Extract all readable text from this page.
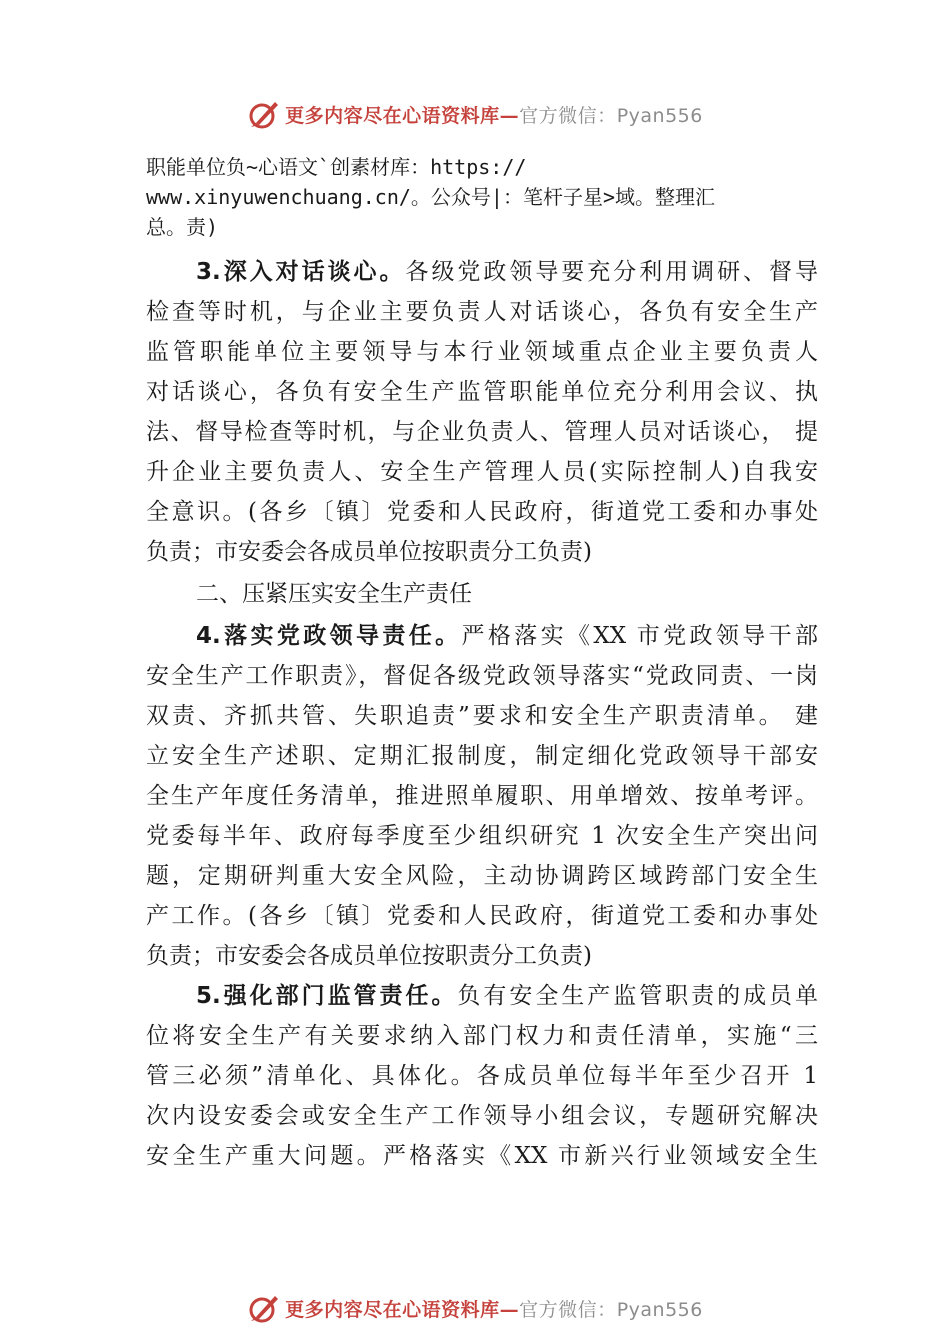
更多内容尽在心语资料库—官方微信：Pyan556
职能单位负~心语文`创素材库：https://
www.xinyuwenchuang.cn/。公众号|：笔杆子星>域。整理汇
总。责)
3.深入对话谈心。各级党政领导要充分利用调研、督导
检查等时机，与企业主要负责人对话谈心，各负有安全生产
监管职能单位主要领导与本行业领域重点企业主要负责人
对话谈心，各负有安全生产监管职能单位充分利用会议、执
法、督导检查等时机，与企业负责人、管理人员对话谈心， 提
升企业主要负责人、安全生产管理人员(实际控制人)自我安
全意识。(各乡〔镇〕党委和人民政府，街道党工委和办事处
负责；市安委会各成员单位按职责分工负责)
二、压紧压实安全生产责任
4.落实党政领导责任。严格落实《XX 市党政领导干部
安全生产工作职责》，督促各级党政领导落实“党政同责、一岗
双责、齐抓共管、失职追责”要求和安全生产职责清单。 建
立安全生产述职、定期汇报制度，制定细化党政领导干部安
全生产年度任务清单，推进照单履职、用单增效、按单考评。
党委每半年、政府每季度至少组织研究 1 次安全生产突出问
题，定期研判重大安全风险，主动协调跨区域跨部门安全生
产工作。(各乡〔镇〕党委和人民政府，街道党工委和办事处
负责；市安委会各成员单位按职责分工负责)
5.强化部门监管责任。负有安全生产监管职责的成员单
位将安全生产有关要求纳入部门权力和责任清单，实施“三
管三必须”清单化、具体化。各成员单位每半年至少召开 1
次内设安委会或安全生产工作领导小组会议，专题研究解决
安全生产重大问题。严格落实《XX 市新兴行业领域安全生
更多内容尽在心语资料库—官方微信：Pyan556
